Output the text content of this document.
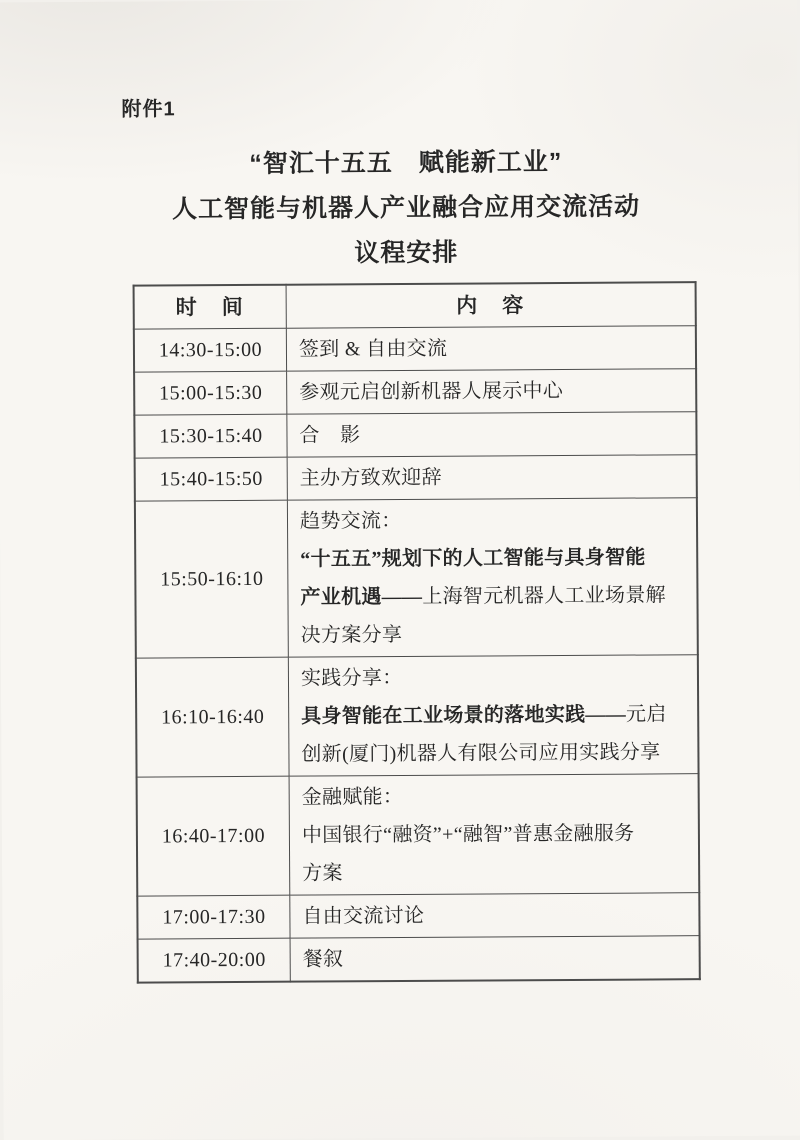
附件1
“智汇十五五　赋能新工业”
人工智能与机器人产业融合应用交流活动
议程安排
时　间	内　容
14:30-15:00	签到 & 自由交流

15:00-15:30	参观元启创新机器人展示中心

15:30-15:40	合　影

15:40-15:50	主办方致欢迎辞

15:50-16:10	趋势交流：
“十五五”规划下的人工智能与具身智能
产业机遇——上海智元机器人工业场景解
决方案分享

16:10-16:40	实践分享：
具身智能在工业场景的落地实践——元启
创新(厦门)机器人有限公司应用实践分享

16:40-17:00	金融赋能：
中国银行“融资”+“融智”普惠金融服务
方案

17:00-17:30	自由交流讨论

17:40-20:00	餐叙
